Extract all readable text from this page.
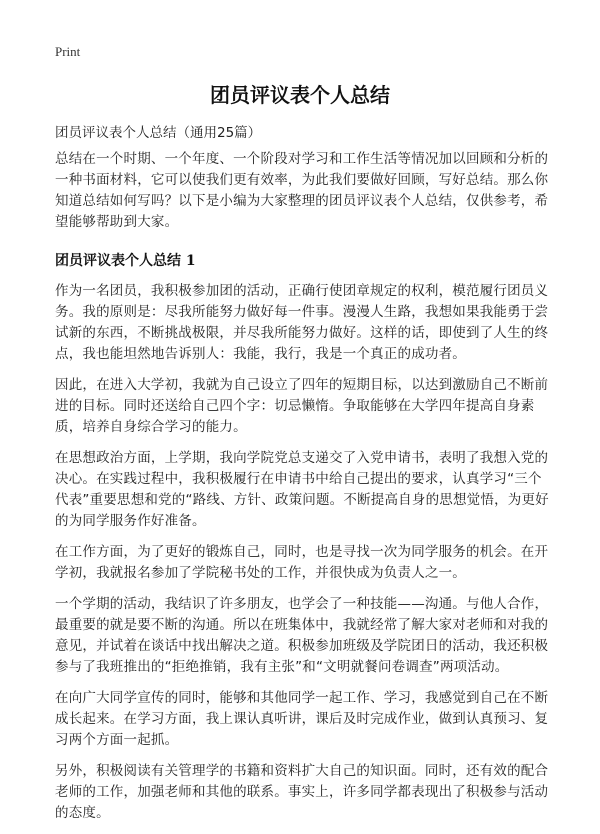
Print
团员评议表个人总结

团员评议表个人总结（通用25篇）

总结在一个时期、一个年度、一个阶段对学习和工作生活等情况加以回顾和分析的一种书面材料，它可以使我们更有效率，为此我们要做好回顾，写好总结。那么你知道总结如何写吗？以下是小编为大家整理的团员评议表个人总结，仅供参考，希望能够帮助到大家。

团员评议表个人总结 1

作为一名团员，我积极参加团的活动，正确行使团章规定的权利，模范履行团员义务。我的原则是：尽我所能努力做好每一件事。漫漫人生路，我想如果我能勇于尝试新的东西，不断挑战极限，并尽我所能努力做好。这样的话，即使到了人生的终点，我也能坦然地告诉别人：我能，我行，我是一个真正的成功者。

因此，在进入大学初，我就为自己设立了四年的短期目标，以达到激励自己不断前进的目标。同时还送给自己四个字：切忌懒惰。争取能够在大学四年提高自身素质，培养自身综合学习的能力。

在思想政治方面，上学期，我向学院党总支递交了入党申请书，表明了我想入党的决心。在实践过程中，我积极履行在申请书中给自己提出的要求，认真学习“三个代表”重要思想和党的“路线、方针、政策问题。不断提高自身的思想觉悟，为更好的为同学服务作好准备。

在工作方面，为了更好的锻炼自己，同时，也是寻找一次为同学服务的机会。在开学初，我就报名参加了学院秘书处的工作，并很快成为负责人之一。

一个学期的活动，我结识了许多朋友，也学会了一种技能——沟通。与他人合作，最重要的就是要不断的沟通。所以在班集体中，我就经常了解大家对老师和对我的意见，并试着在谈话中找出解决之道。积极参加班级及学院团日的活动，我还积极参与了我班推出的“拒绝推销，我有主张”和“文明就餐问卷调查”两项活动。

在向广大同学宣传的同时，能够和其他同学一起工作、学习，我感觉到自己在不断成长起来。在学习方面，我上课认真听讲，课后及时完成作业，做到认真预习、复习两个方面一起抓。

另外，积极阅读有关管理学的书籍和资料扩大自己的知识面。同时，还有效的配合老师的工作，加强老师和其他的联系。事实上，许多同学都表现出了积极参与活动的态度。
